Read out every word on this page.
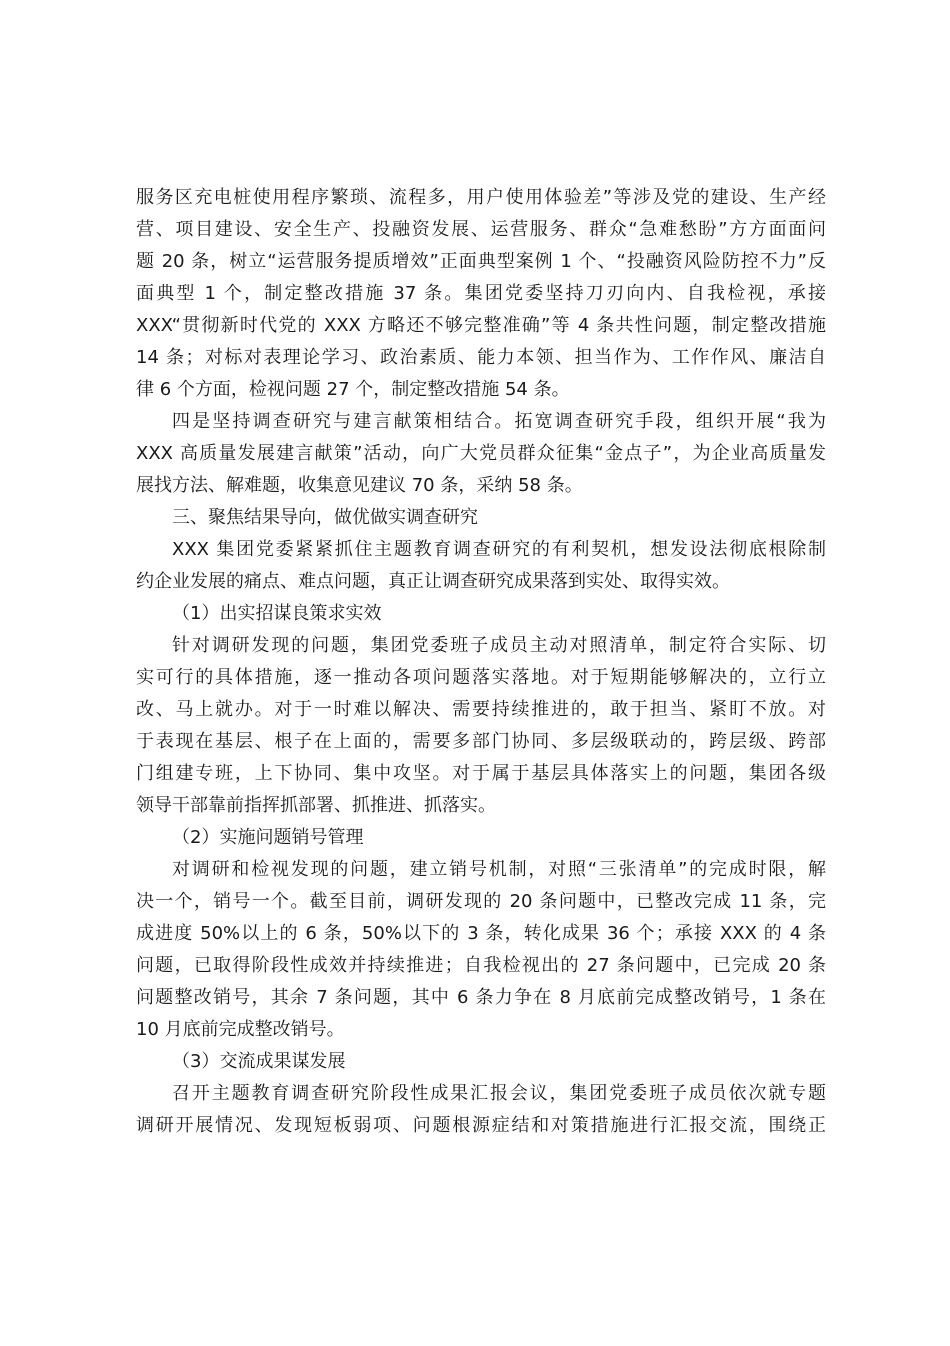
服务区充电桩使用程序繁琐、流程多，用户使用体验差”等涉及党的建设、生产经
营、项目建设、安全生产、投融资发展、运营服务、群众“急难愁盼”方方面面问
题 20 条，树立“运营服务提质增效”正面典型案例 1 个、“投融资风险防控不力”反
面典型 1 个，制定整改措施 37 条。集团党委坚持刀刃向内、自我检视，承接
XXX“贯彻新时代党的 XXX 方略还不够完整准确”等 4 条共性问题，制定整改措施
14 条；对标对表理论学习、政治素质、能力本领、担当作为、工作作风、廉洁自
律 6 个方面，检视问题 27 个，制定整改措施 54 条。
四是坚持调查研究与建言献策相结合。拓宽调查研究手段，组织开展“我为
XXX 高质量发展建言献策”活动，向广大党员群众征集“金点子”，为企业高质量发
展找方法、解难题，收集意见建议 70 条，采纳 58 条。
三、聚焦结果导向，做优做实调查研究
XXX 集团党委紧紧抓住主题教育调查研究的有利契机，想发设法彻底根除制
约企业发展的痛点、难点问题，真正让调查研究成果落到实处、取得实效。
（1）出实招谋良策求实效
针对调研发现的问题，集团党委班子成员主动对照清单，制定符合实际、切
实可行的具体措施，逐一推动各项问题落实落地。对于短期能够解决的，立行立
改、马上就办。对于一时难以解决、需要持续推进的，敢于担当、紧盯不放。对
于表现在基层、根子在上面的，需要多部门协同、多层级联动的，跨层级、跨部
门组建专班，上下协同、集中攻坚。对于属于基层具体落实上的问题，集团各级
领导干部靠前指挥抓部署、抓推进、抓落实。
（2）实施问题销号管理
对调研和检视发现的问题，建立销号机制，对照“三张清单”的完成时限，解
决一个，销号一个。截至目前，调研发现的 20 条问题中，已整改完成 11 条，完
成进度 50%以上的 6 条，50%以下的 3 条，转化成果 36 个；承接 XXX 的 4 条
问题，已取得阶段性成效并持续推进；自我检视出的 27 条问题中，已完成 20 条
问题整改销号，其余 7 条问题，其中 6 条力争在 8 月底前完成整改销号，1 条在
10 月底前完成整改销号。
（3）交流成果谋发展
召开主题教育调查研究阶段性成果汇报会议，集团党委班子成员依次就专题
调研开展情况、发现短板弱项、问题根源症结和对策措施进行汇报交流，围绕正
